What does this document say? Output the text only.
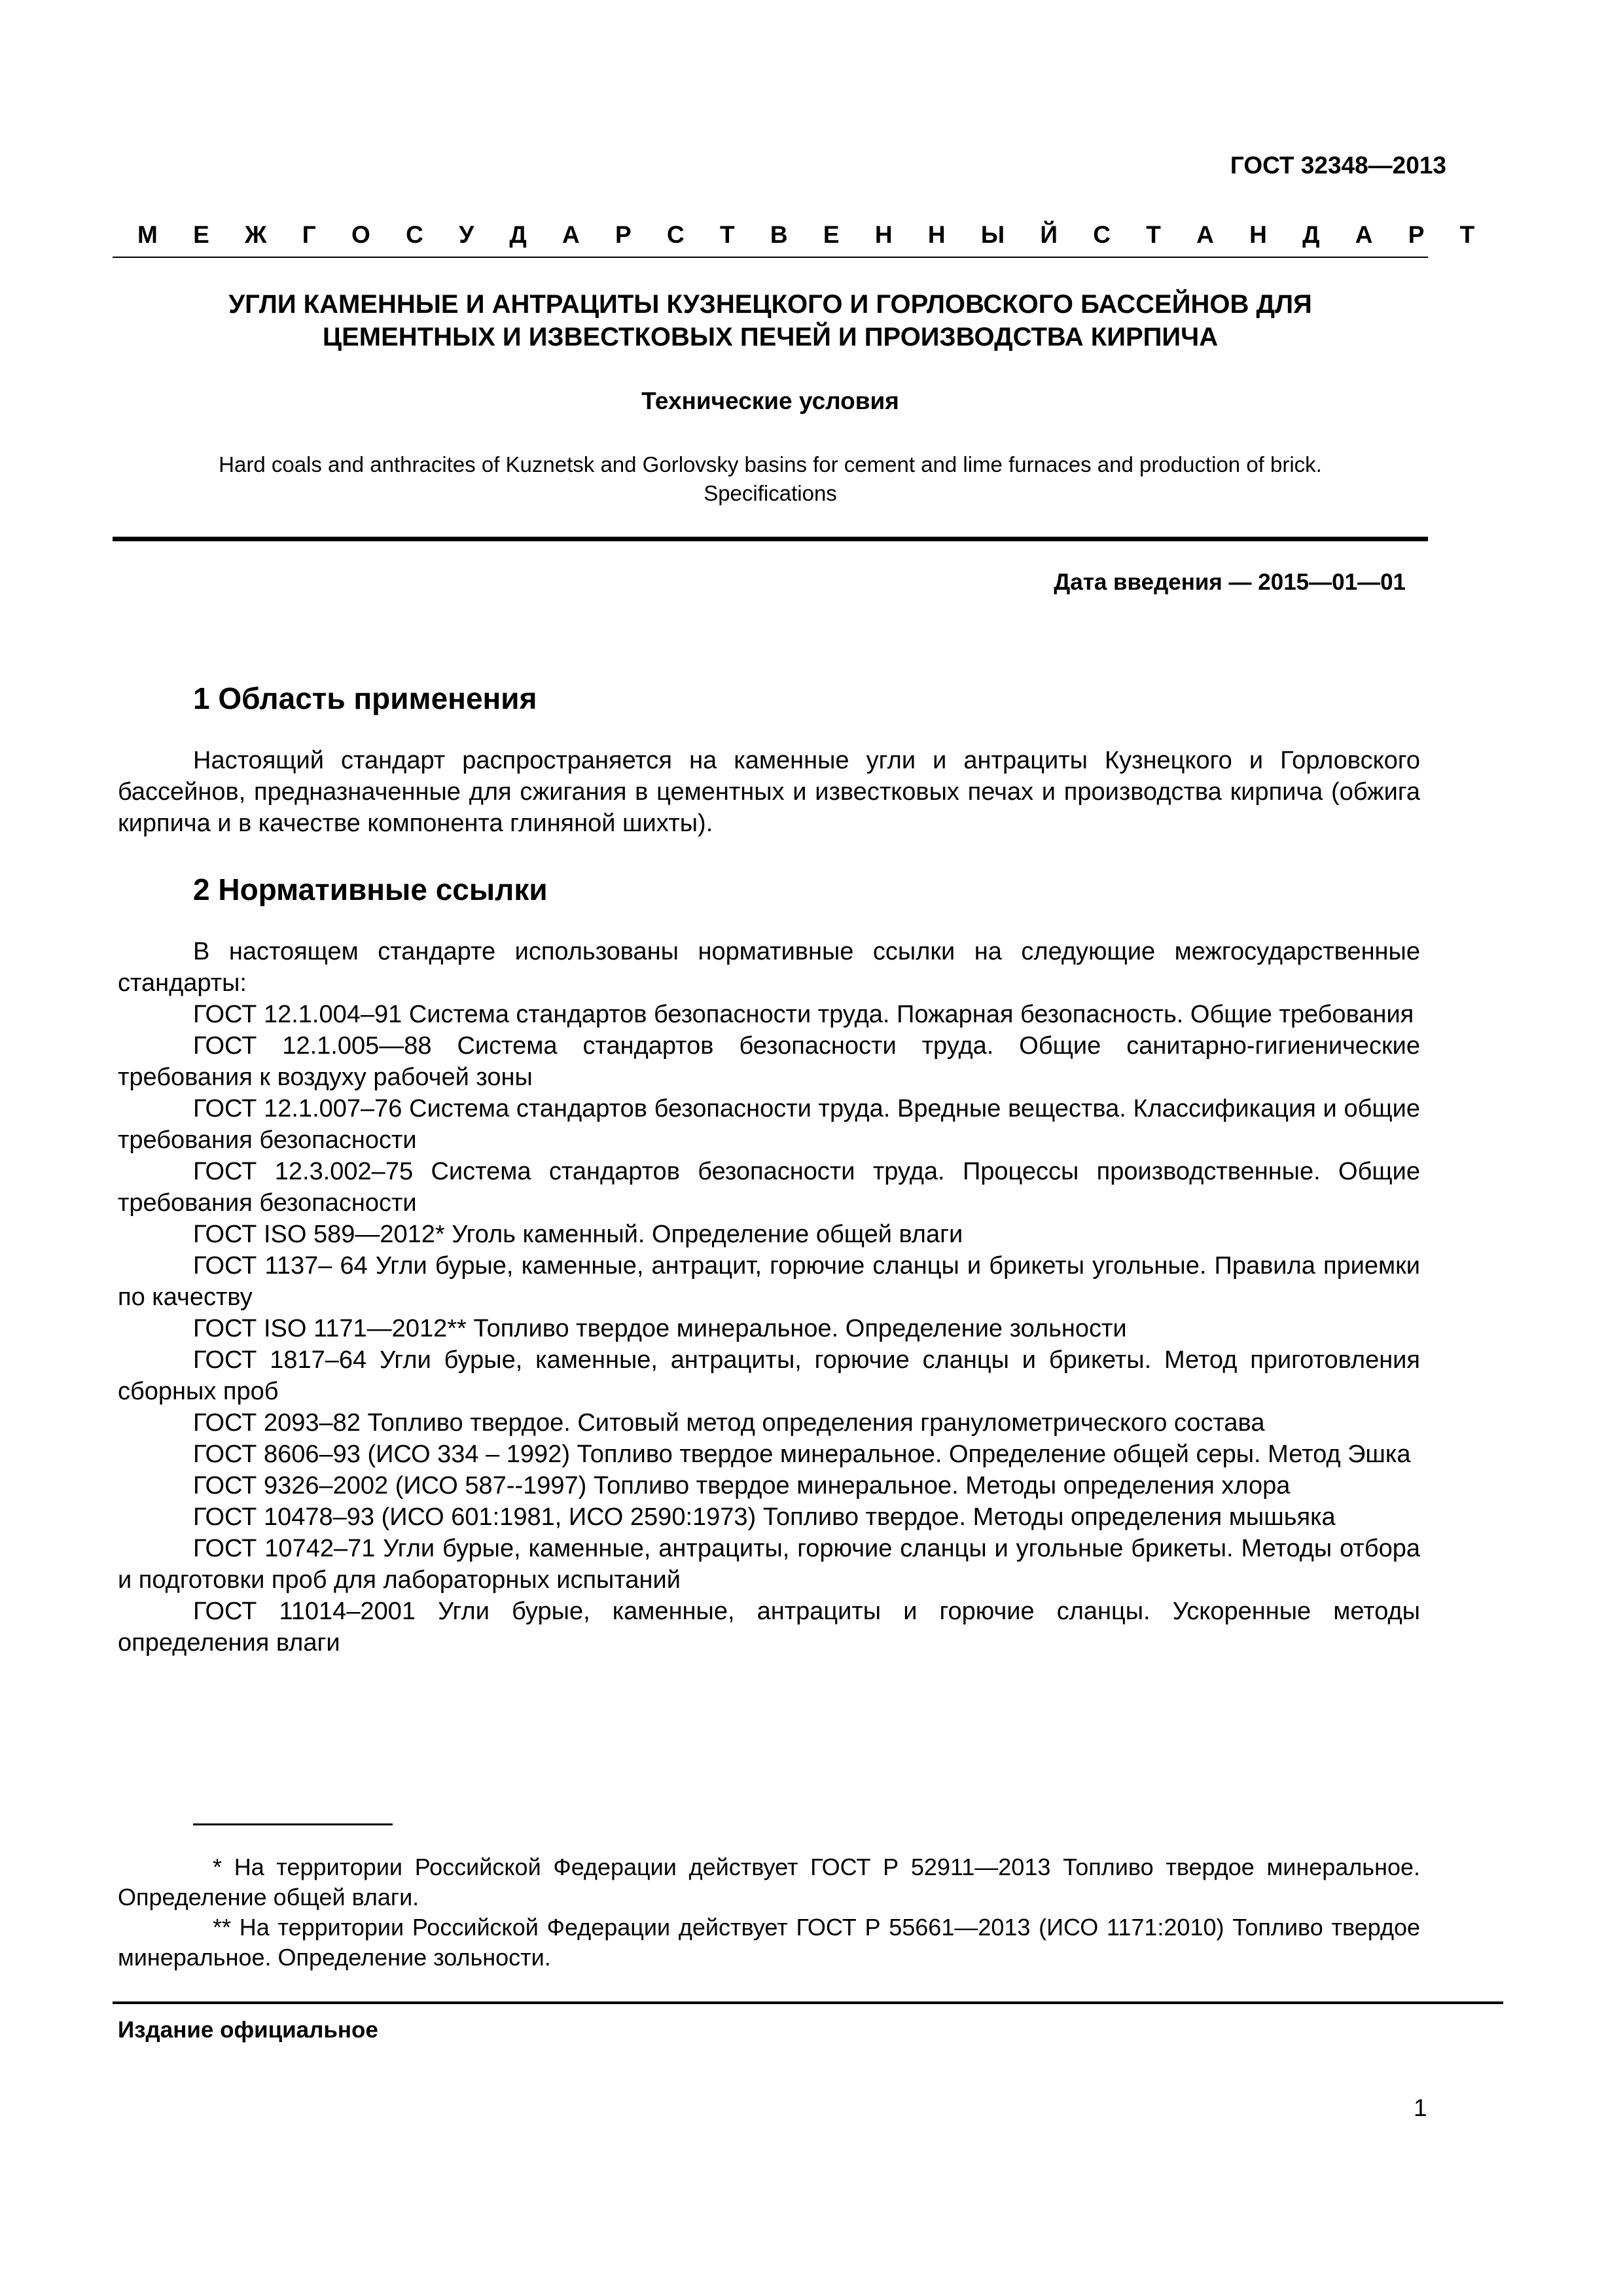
ГОСТ 32348—2013
М Е Ж Г О С У Д А Р С Т В Е Н Н Ы Й С Т А Н Д А Р Т
УГЛИ КАМЕННЫЕ И АНТРАЦИТЫ КУЗНЕЦКОГО И ГОРЛОВСКОГО БАССЕЙНОВ ДЛЯ
ЦЕМЕНТНЫХ И ИЗВЕСТКОВЫХ ПЕЧЕЙ И ПРОИЗВОДСТВА КИРПИЧА
Технические условия
Hard coals and anthracites of Kuznetsk and Gorlovsky basins for cement and lime furnaces and production of brick.
Specifications
Дата введения — 2015—01—01
1 Область применения

Настоящий стандарт распространяется на каменные угли и антрациты Кузнецкого и Горловского бассейнов, предназначенные для сжигания в цементных и известковых печах и производства кирпича (обжига кирпича и в качестве компонента глиняной шихты).

2 Нормативные ссылки

В настоящем стандарте использованы нормативные ссылки на следующие межгосударственные стандарты:

ГОСТ 12.1.004–91 Система стандартов безопасности труда. Пожарная безопасность. Общие требования

ГОСТ 12.1.005—88 Система стандартов безопасности труда. Общие санитарно-гигиенические требования к воздуху рабочей зоны

ГОСТ 12.1.007–76 Система стандартов безопасности труда. Вредные вещества. Классификация и общие требования безопасности

ГОСТ 12.3.002–75 Система стандартов безопасности труда. Процессы производственные. Общие требования безопасности

ГОСТ ISO 589—2012* Уголь каменный. Определение общей влаги

ГОСТ 1137– 64 Угли бурые, каменные, антрацит, горючие сланцы и брикеты угольные. Правила приемки по качеству

ГОСТ ISO 1171—2012** Топливо твердое минеральное. Определение зольности

ГОСТ 1817–64 Угли бурые, каменные, антрациты, горючие сланцы и брикеты. Метод приготовления сборных проб

ГОСТ 2093–82 Топливо твердое. Ситовый метод определения гранулометрического состава

ГОСТ 8606–93 (ИСО 334 – 1992) Топливо твердое минеральное. Определение общей серы. Метод Эшка

ГОСТ 9326–2002 (ИСО 587--1997) Топливо твердое минеральное. Методы определения хлора

ГОСТ 10478–93 (ИСО 601:1981, ИСО 2590:1973) Топливо твердое. Методы определения мышьяка

ГОСТ 10742–71 Угли бурые, каменные, антрациты, горючие сланцы и угольные брикеты. Методы отбора и подготовки проб для лабораторных испытаний

ГОСТ 11014–2001 Угли бурые, каменные, антрациты и горючие сланцы. Ускоренные методы определения влаги

* На территории Российской Федерации действует ГОСТ Р 52911—2013 Топливо твердое минеральное. Определение общей влаги.

** На территории Российской Федерации действует ГОСТ Р 55661—2013 (ИСО 1171:2010) Топливо твердое минеральное. Определение зольности.

Издание официальное
1
